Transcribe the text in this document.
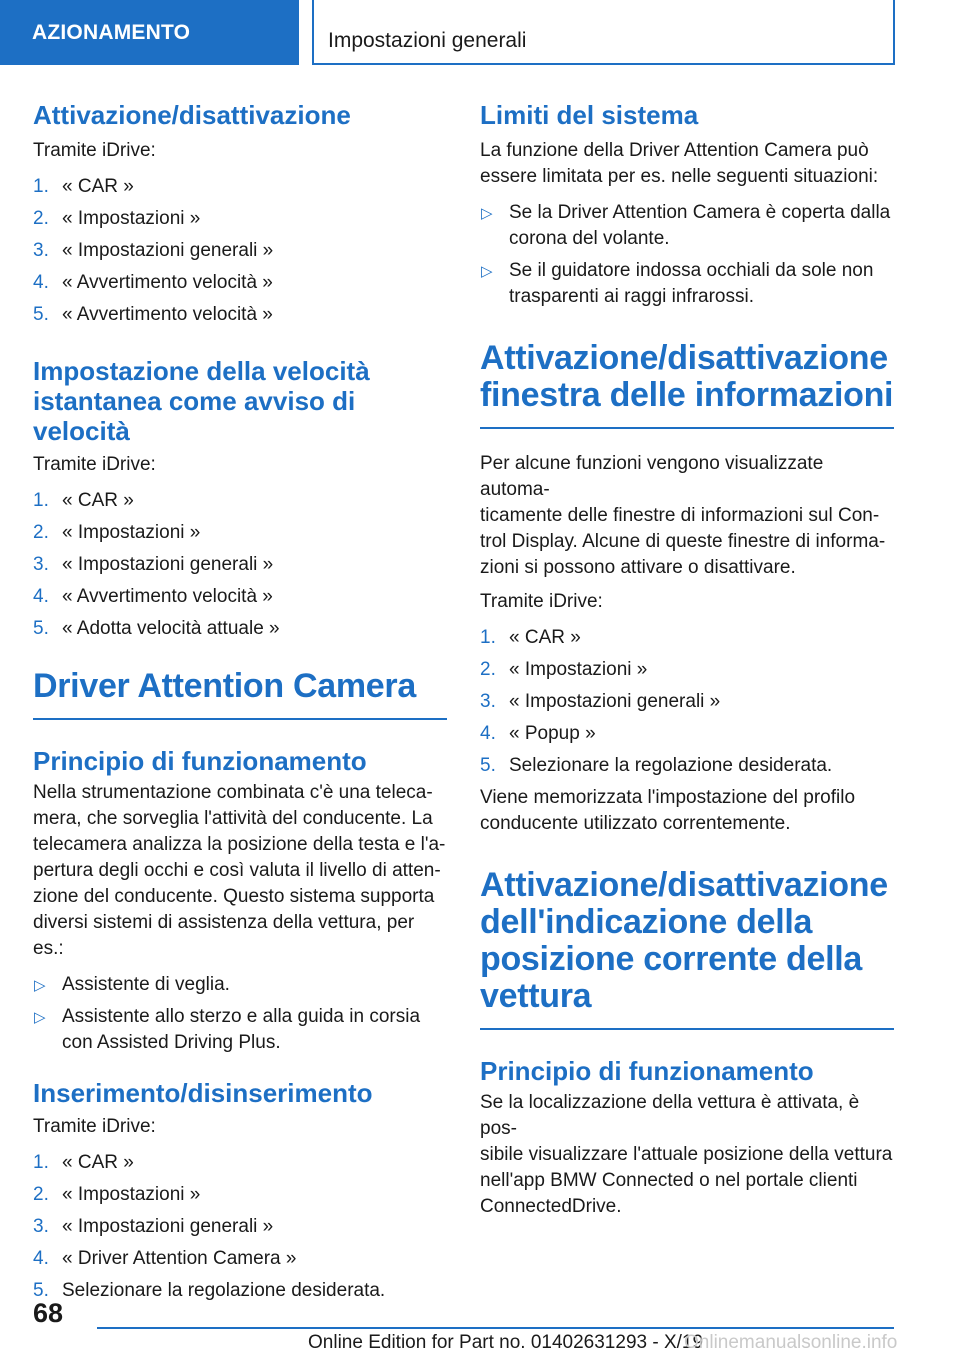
AZIONAMENTO	Impostazioni generali
Attivazione/disattivazione

Tramite iDrive:

1. « CAR »
2. « Impostazioni »
3. « Impostazioni generali »
4. « Avvertimento velocità »
5. « Avvertimento velocità »
Impostazione della velocità
istantanea come avviso di
velocità

Tramite iDrive:

1. « CAR »
2. « Impostazioni »
3. « Impostazioni generali »
4. « Avvertimento velocità »
5. « Adotta velocità attuale »
Driver Attention Camera
Principio di funzionamento

Nella strumentazione combinata c'è una teleca-
mera, che sorveglia l'attività del conducente. La
telecamera analizza la posizione della testa e l'a-
pertura degli occhi e così valuta il livello di atten-
zione del conducente. Questo sistema supporta
diversi sistemi di assistenza della vettura, per es.:

▷ Assistente di veglia.
▷ Assistente allo sterzo e alla guida in corsia
con Assisted Driving Plus.
Inserimento/disinserimento

Tramite iDrive:

1. « CAR »
2. « Impostazioni »
3. « Impostazioni generali »
4. « Driver Attention Camera »
5. Selezionare la regolazione desiderata.
Limiti del sistema

La funzione della Driver Attention Camera può
essere limitata per es. nelle seguenti situazioni:

▷ Se la Driver Attention Camera è coperta dalla
corona del volante.
▷ Se il guidatore indossa occhiali da sole non
trasparenti ai raggi infrarossi.
Attivazione/disattivazione
finestra delle informazioni

Per alcune funzioni vengono visualizzate automa-
ticamente delle finestre di informazioni sul Con-
trol Display. Alcune di queste finestre di informa-
zioni si possono attivare o disattivare.

Tramite iDrive:

1. « CAR »
2. « Impostazioni »
3. « Impostazioni generali »
4. « Popup »
5. Selezionare la regolazione desiderata.

Viene memorizzata l'impostazione del profilo
conducente utilizzato correntemente.

Attivazione/disattivazione
dell'indicazione della
posizione corrente della
vettura
Principio di funzionamento

Se la localizzazione della vettura è attivata, è pos-
sibile visualizzare l'attuale posizione della vettura
nell'app BMW Connected o nel portale clienti
ConnectedDrive.

68
Online Edition for Part no. 01402631293 - X/19
Onlinemanualsonline.info
